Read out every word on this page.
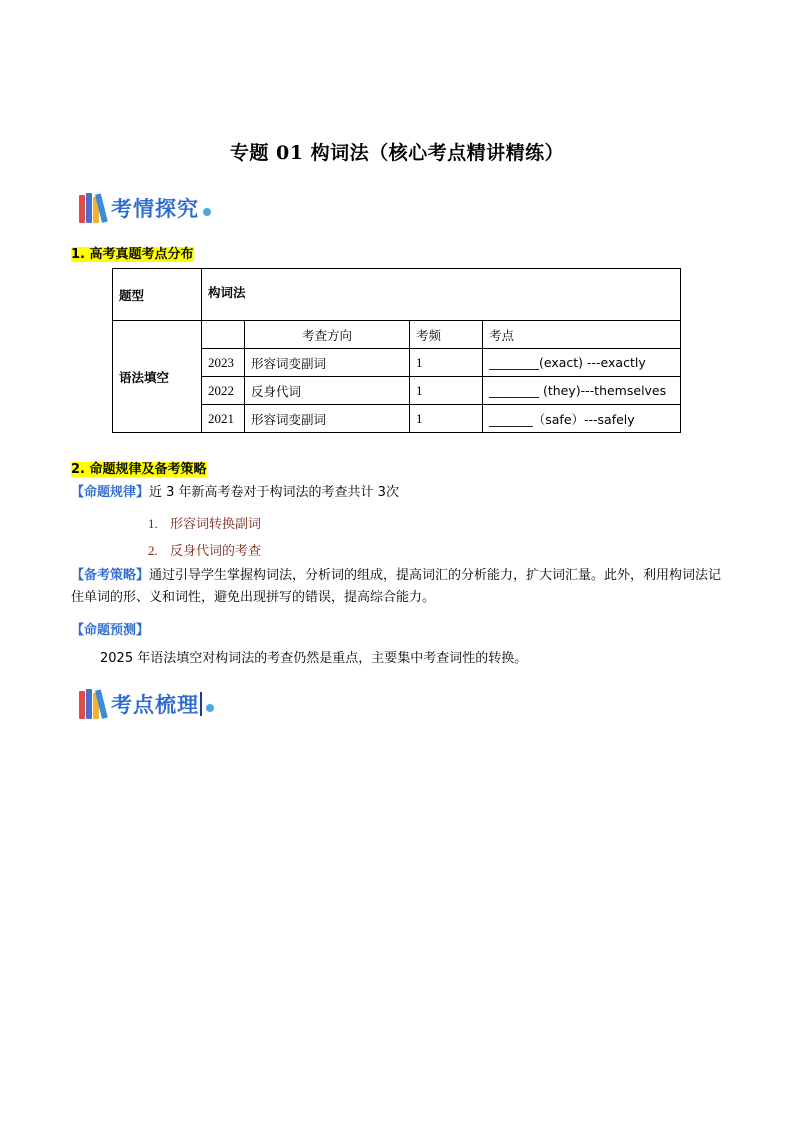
专题 01 构词法（核心考点精讲精练）
考情探究
1. 高考真题考点分布
题型	构词法			
语法填空		考查方向	考频	考点
	2023	形容词变副词	1	________(exact) ---exactly
	2022	反身代词	1	________ (they)---themselves
	2021	形容词变副词	1	_______（safe）---safely
2. 命题规律及备考策略
【命题规律】近 3 年新高考卷对于构词法的考查共计 3次
1. 形容词转换副词
2. 反身代词的考查
【备考策略】通过引导学生掌握构词法，分析词的组成，提高词汇的分析能力，扩大词汇量。此外，利用构词法记住单词的形、义和词性，避免出现拼写的错误，提高综合能力。
【命题预测】
2025 年语法填空对构词法的考查仍然是重点，主要集中考查词性的转换。
考点梳理
